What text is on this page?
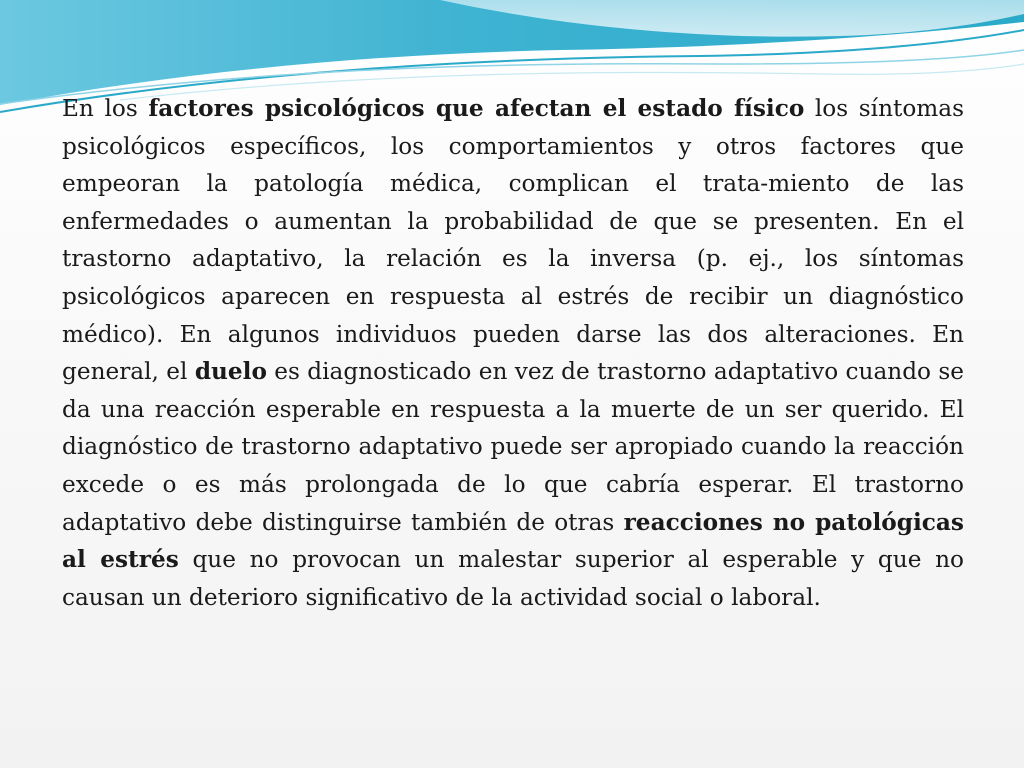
En los factores psicológicos que afectan el estado físico los síntomas psicológicos específicos, los comportamientos y otros factores que empeoran la patología médica, complican el trata-miento de las enfermedades o aumentan la probabilidad de que se presenten. En el trastorno adaptativo, la relación es la inversa (p. ej., los síntomas psicológicos aparecen en respuesta al estrés de recibir un diagnóstico médico). En algunos individuos pueden darse las dos alteraciones. En general, el duelo es diagnosticado en vez de trastorno adaptativo cuando se da una reacción esperable en respuesta a la muerte de un ser querido. El diagnóstico de trastorno adaptativo puede ser apropiado cuando la reacción excede o es más prolongada de lo que cabría esperar. El trastorno adaptativo debe distinguirse también de otras reacciones no patológicas al estrés que no provocan un malestar superior al esperable y que no causan un deterioro significativo de la actividad social o laboral.
